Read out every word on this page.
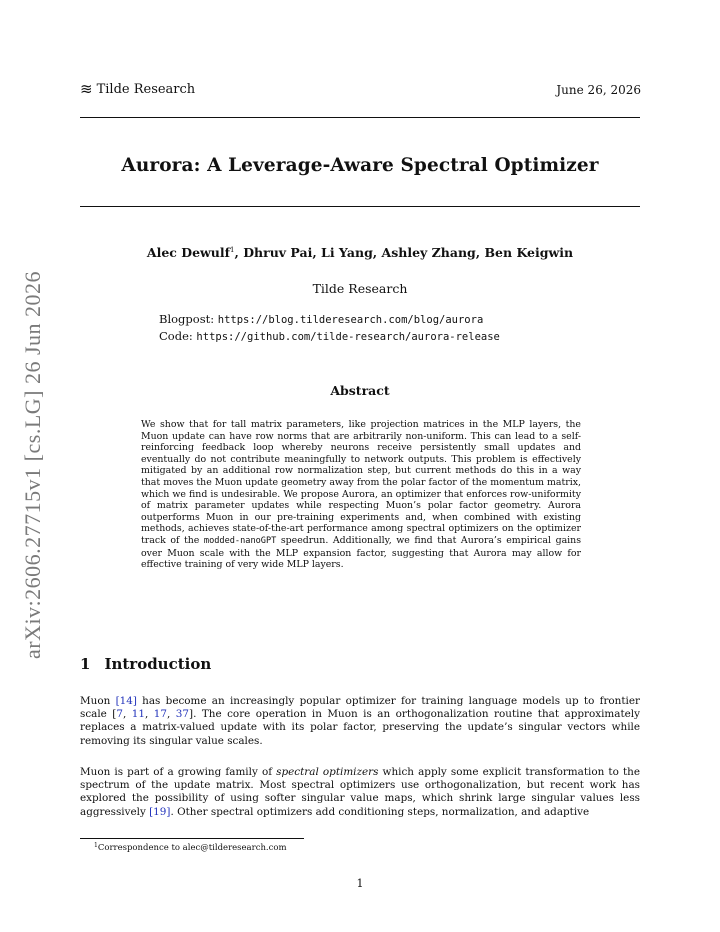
≋ Tilde Research	June 26, 2026
Aurora: A Leverage-Aware Spectral Optimizer
Alec Dewulf$^1$, Dhruv Pai, Li Yang, Ashley Zhang, Ben Keigwin
Tilde Research
Blogpost: https://blog.tilderesearch.com/blog/aurora
Code: https://github.com/tilde-research/aurora-release
Abstract
We show that for tall matrix parameters, like projection matrices in the MLP layers, the Muon update can have row norms that are arbitrarily non-uniform. This can lead to a self-reinforcing feedback loop whereby neurons receive persistently small updates and eventually do not contribute meaningfully to network outputs. This problem is effectively mitigated by an additional row normalization step, but current methods do this in a way that moves the Muon update geometry away from the polar factor of the momentum matrix, which we find is undesirable. We propose Aurora, an optimizer that enforces row-uniformity of matrix parameter updates while respecting Muon’s polar factor geometry. Aurora outperforms Muon in our pre-training experiments and, when combined with existing methods, achieves state-of-the-art performance among spectral optimizers on the optimizer track of the modded-nanoGPT speedrun. Additionally, we find that Aurora’s empirical gains over Muon scale with the MLP expansion factor, suggesting that Aurora may allow for effective training of very wide MLP layers.
1 Introduction
Muon [14] has become an increasingly popular optimizer for training language models up to frontier scale [7, 11, 17, 37]. The core operation in Muon is an orthogonalization routine that approximately replaces a matrix-valued update with its polar factor, preserving the update’s singular vectors while removing its singular value scales.
Muon is part of a growing family of spectral optimizers which apply some explicit transformation to the spectrum of the update matrix. Most spectral optimizers use orthogonalization, but recent work has explored the possibility of using softer singular value maps, which shrink large singular values less aggressively [19]. Other spectral optimizers add conditioning steps, normalization, and adaptive
$^1$Correspondence to alec@tilderesearch.com
1
arXiv:2606.27715v1 [cs.LG] 26 Jun 2026
